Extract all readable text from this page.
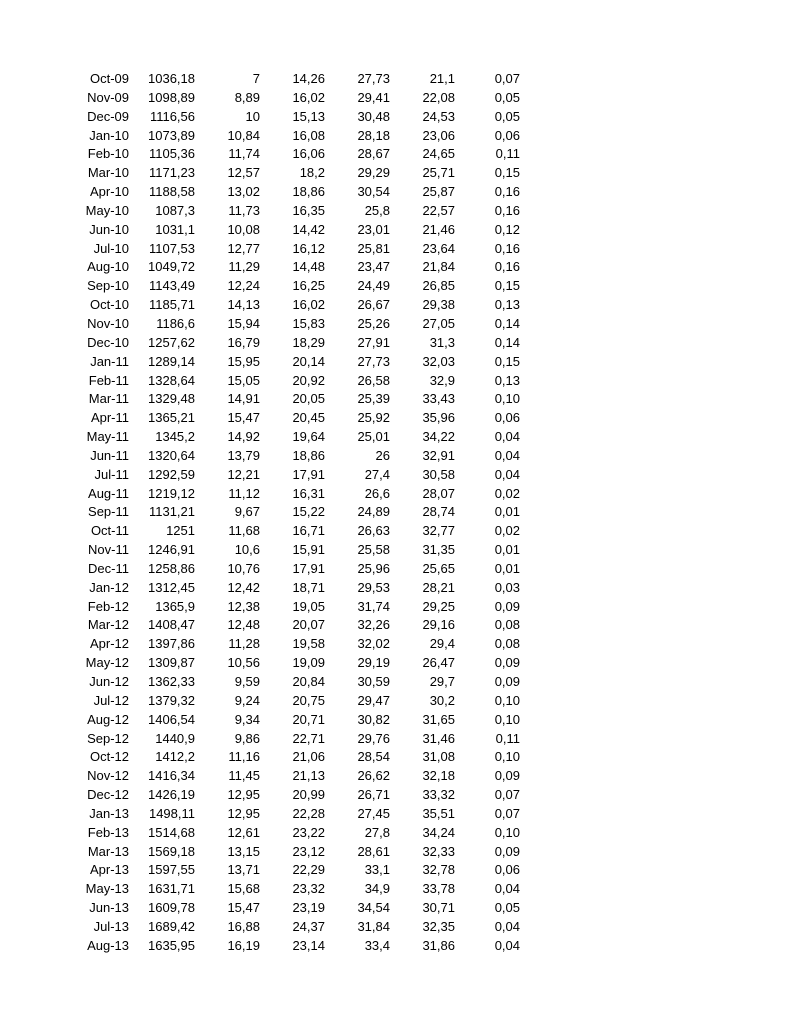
Oct-09	1036,18	7	14,26	27,73	21,1	0,07
Nov-09	1098,89	8,89	16,02	29,41	22,08	0,05
Dec-09	1116,56	10	15,13	30,48	24,53	0,05
Jan-10	1073,89	10,84	16,08	28,18	23,06	0,06
Feb-10	1105,36	11,74	16,06	28,67	24,65	0,11
Mar-10	1171,23	12,57	18,2	29,29	25,71	0,15
Apr-10	1188,58	13,02	18,86	30,54	25,87	0,16
May-10	1087,3	11,73	16,35	25,8	22,57	0,16
Jun-10	1031,1	10,08	14,42	23,01	21,46	0,12
Jul-10	1107,53	12,77	16,12	25,81	23,64	0,16
Aug-10	1049,72	11,29	14,48	23,47	21,84	0,16
Sep-10	1143,49	12,24	16,25	24,49	26,85	0,15
Oct-10	1185,71	14,13	16,02	26,67	29,38	0,13
Nov-10	1186,6	15,94	15,83	25,26	27,05	0,14
Dec-10	1257,62	16,79	18,29	27,91	31,3	0,14
Jan-11	1289,14	15,95	20,14	27,73	32,03	0,15
Feb-11	1328,64	15,05	20,92	26,58	32,9	0,13
Mar-11	1329,48	14,91	20,05	25,39	33,43	0,10
Apr-11	1365,21	15,47	20,45	25,92	35,96	0,06
May-11	1345,2	14,92	19,64	25,01	34,22	0,04
Jun-11	1320,64	13,79	18,86	26	32,91	0,04
Jul-11	1292,59	12,21	17,91	27,4	30,58	0,04
Aug-11	1219,12	11,12	16,31	26,6	28,07	0,02
Sep-11	1131,21	9,67	15,22	24,89	28,74	0,01
Oct-11	1251	11,68	16,71	26,63	32,77	0,02
Nov-11	1246,91	10,6	15,91	25,58	31,35	0,01
Dec-11	1258,86	10,76	17,91	25,96	25,65	0,01
Jan-12	1312,45	12,42	18,71	29,53	28,21	0,03
Feb-12	1365,9	12,38	19,05	31,74	29,25	0,09
Mar-12	1408,47	12,48	20,07	32,26	29,16	0,08
Apr-12	1397,86	11,28	19,58	32,02	29,4	0,08
May-12	1309,87	10,56	19,09	29,19	26,47	0,09
Jun-12	1362,33	9,59	20,84	30,59	29,7	0,09
Jul-12	1379,32	9,24	20,75	29,47	30,2	0,10
Aug-12	1406,54	9,34	20,71	30,82	31,65	0,10
Sep-12	1440,9	9,86	22,71	29,76	31,46	0,11
Oct-12	1412,2	11,16	21,06	28,54	31,08	0,10
Nov-12	1416,34	11,45	21,13	26,62	32,18	0,09
Dec-12	1426,19	12,95	20,99	26,71	33,32	0,07
Jan-13	1498,11	12,95	22,28	27,45	35,51	0,07
Feb-13	1514,68	12,61	23,22	27,8	34,24	0,10
Mar-13	1569,18	13,15	23,12	28,61	32,33	0,09
Apr-13	1597,55	13,71	22,29	33,1	32,78	0,06
May-13	1631,71	15,68	23,32	34,9	33,78	0,04
Jun-13	1609,78	15,47	23,19	34,54	30,71	0,05
Jul-13	1689,42	16,88	24,37	31,84	32,35	0,04
Aug-13	1635,95	16,19	23,14	33,4	31,86	0,04
